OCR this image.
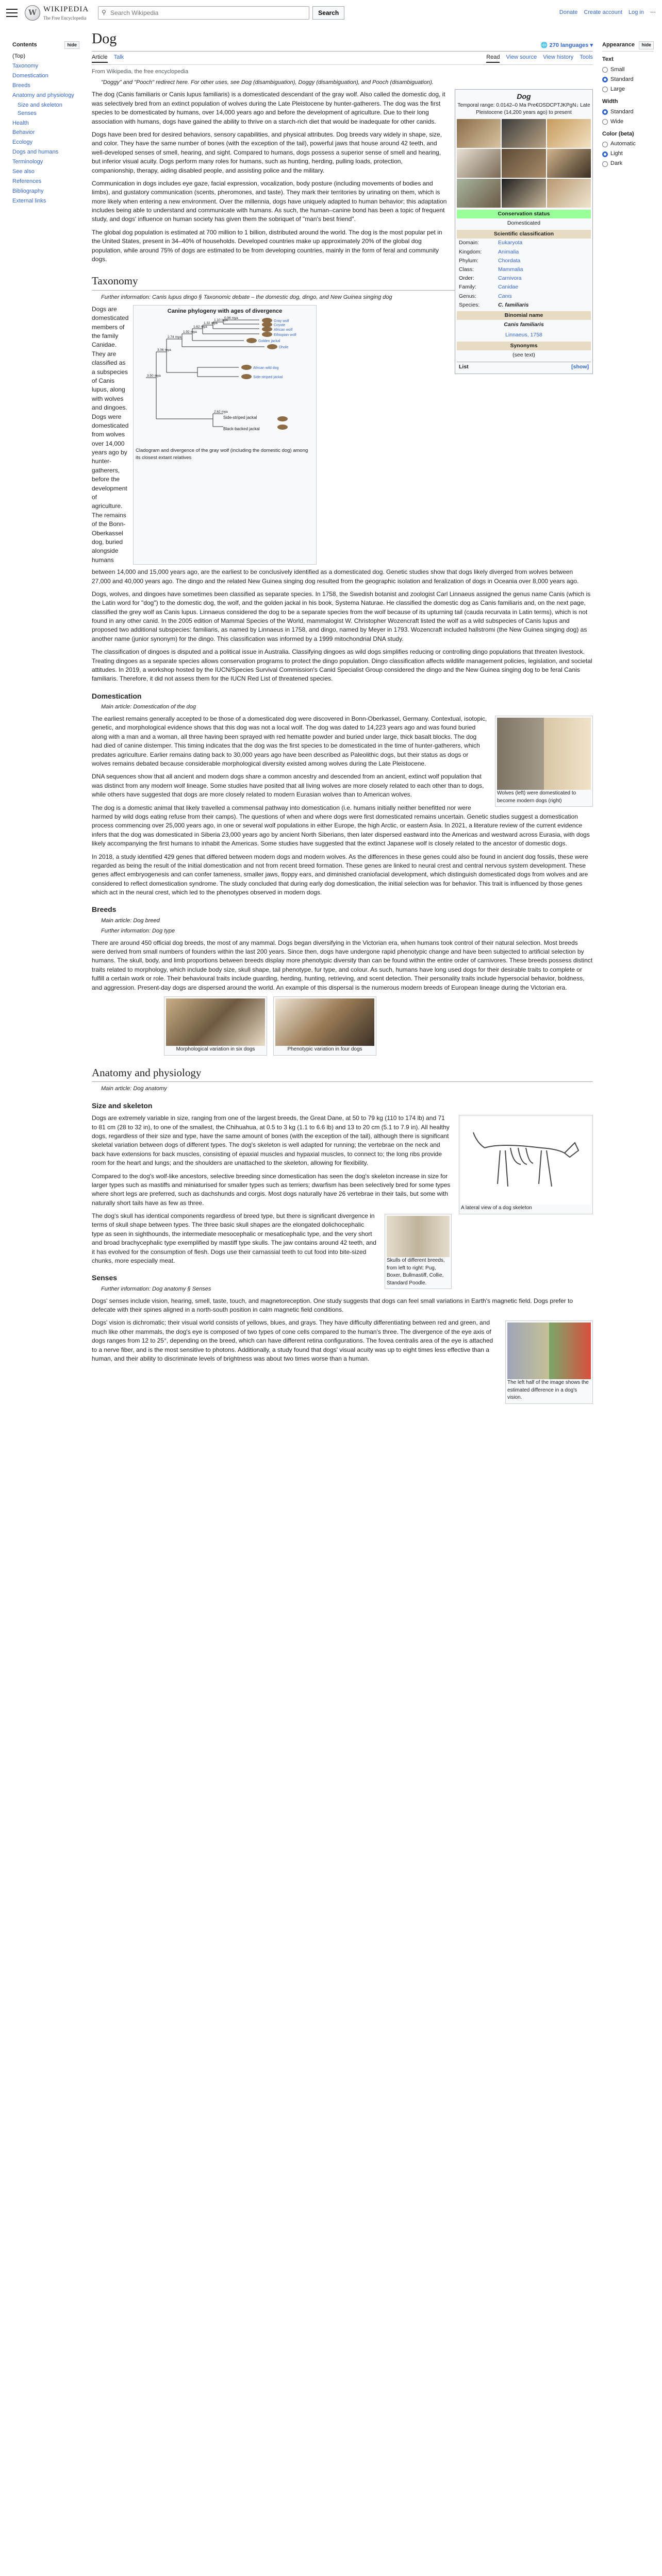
W WIKIPEDIA
The Free Encyclopedia
⚲
Search Wikipedia	Search	Donate Create account Log in ⋯
Contents	hide
(Top)
Taxonomy
Domestication
Breeds
Anatomy and physiology
Size and skeleton
Senses
Health
Behavior
Ecology
Dogs and humans
Terminology
See also
References
Bibliography
External links
Appearance	hide
Text
Small
Standard
Large
Width
Standard
Wide
Color (beta)
Automatic
Light
Dark
Dog	🌐 270 languages ▾
Article Talk	Read View source View history Tools
From Wikipedia, the free encyclopedia
"Doggy" and "Pooch" redirect here. For other uses, see Dog (disambiguation), Doggy (disambiguation), and Pooch (disambiguation).
Dog
Temporal range: 0.0142–0 Ma Pre€OSDCPTJKPgN↓ Late Pleistocene (14,200 years ago) to present
Conservation status
Domesticated
Scientific classification
Domain:	Eukaryota
Kingdom:	Animalia
Phylum:	Chordata
Class:	Mammalia
Order:	Carnivora
Family:	Canidae
Genus:	Canis
Species:	C. familiaris
Binomial name
Canis familiaris
Linnaeus, 1758
Synonyms
(see text)
List	[show]

The dog (Canis familiaris or Canis lupus familiaris) is a domesticated descendant of the gray wolf. Also called the domestic dog, it was selectively bred from an extinct population of wolves during the Late Pleistocene by hunter-gatherers. The dog was the first species to be domesticated by humans, over 14,000 years ago and before the development of agriculture. Due to their long association with humans, dogs have gained the ability to thrive on a starch-rich diet that would be inadequate for other canids.

Dogs have been bred for desired behaviors, sensory capabilities, and physical attributes. Dog breeds vary widely in shape, size, and color. They have the same number of bones (with the exception of the tail), powerful jaws that house around 42 teeth, and well-developed senses of smell, hearing, and sight. Compared to humans, dogs possess a superior sense of smell and hearing, but inferior visual acuity. Dogs perform many roles for humans, such as hunting, herding, pulling loads, protection, companionship, therapy, aiding disabled people, and assisting police and the military.

Communication in dogs includes eye gaze, facial expression, vocalization, body posture (including movements of bodies and limbs), and gustatory communication (scents, pheromones, and taste). They mark their territories by urinating on them, which is more likely when entering a new environment. Over the millennia, dogs have uniquely adapted to human behavior; this adaptation includes being able to understand and communicate with humans. As such, the human–canine bond has been a topic of frequent study, and dogs' influence on human society has given them the sobriquet of "man's best friend".

The global dog population is estimated at 700 million to 1 billion, distributed around the world. The dog is the most popular pet in the United States, present in 34–40% of households. Developed countries make up approximately 20% of the global dog population, while around 75% of dogs are estimated to be from developing countries, mainly in the form of feral and community dogs.

Taxonomy
Further information: Canis lupus dingo § Taxonomic debate – the domestic dog, dingo, and New Guinea singing dog
Dogs are domesticated members of the family Canidae. They are classified as a subspecies of Canis lupus, along with wolves and dingoes. Dogs were domesticated from wolves over 14,000 years ago by hunter-gatherers, before the development of agriculture. The remains of the Bonn-Oberkassel dog, buried alongside humans
Canine phylogeny with ages of divergence
Side-striped jackal
Black-backed jackal
Gray wolf
Coyote
African wolf
Ethiopian wolf
Golden jackal
Dhole
African wild dog
Side-striped jackal
0.96 mya
1.10 mya
1.32 mya
1.62 mya
1.92 mya
2.74 mya
3.06 mya
3.50 mya
2.62 mya
Cladogram and divergence of the gray wolf (including the domestic dog) among its closest extant relatives

between 14,000 and 15,000 years ago, are the earliest to be conclusively identified as a domesticated dog. Genetic studies show that dogs likely diverged from wolves between 27,000 and 40,000 years ago. The dingo and the related New Guinea singing dog resulted from the geographic isolation and feralization of dogs in Oceania over 8,000 years ago.

Dogs, wolves, and dingoes have sometimes been classified as separate species. In 1758, the Swedish botanist and zoologist Carl Linnaeus assigned the genus name Canis (which is the Latin word for "dog") to the domestic dog, the wolf, and the golden jackal in his book, Systema Naturae. He classified the domestic dog as Canis familiaris and, on the next page, classified the grey wolf as Canis lupus. Linnaeus considered the dog to be a separate species from the wolf because of its upturning tail (cauda recurvata in Latin terms), which is not found in any other canid. In the 2005 edition of Mammal Species of the World, mammalogist W. Christopher Wozencraft listed the wolf as a wild subspecies of Canis lupus and proposed two additional subspecies: familiaris, as named by Linnaeus in 1758, and dingo, named by Meyer in 1793. Wozencraft included hallstromi (the New Guinea singing dog) as another name (junior synonym) for the dingo. This classification was informed by a 1999 mitochondrial DNA study.

The classification of dingoes is disputed and a political issue in Australia. Classifying dingoes as wild dogs simplifies reducing or controlling dingo populations that threaten livestock. Treating dingoes as a separate species allows conservation programs to protect the dingo population. Dingo classification affects wildlife management policies, legislation, and societal attitudes. In 2019, a workshop hosted by the IUCN/Species Survival Commission's Canid Specialist Group considered the dingo and the New Guinea singing dog to be feral Canis familiaris. Therefore, it did not assess them for the IUCN Red List of threatened species.

Domestication
Main article: Domestication of the dog
Wolves (left) were domesticated to become modern dogs (right)

The earliest remains generally accepted to be those of a domesticated dog were discovered in Bonn-Oberkassel, Germany. Contextual, isotopic, genetic, and morphological evidence shows that this dog was not a local wolf. The dog was dated to 14,223 years ago and was found buried along with a man and a woman, all three having been sprayed with red hematite powder and buried under large, thick basalt blocks. The dog had died of canine distemper. This timing indicates that the dog was the first species to be domesticated in the time of hunter-gatherers, which predates agriculture. Earlier remains dating back to 30,000 years ago have been described as Paleolithic dogs, but their status as dogs or wolves remains debated because considerable morphological diversity existed among wolves during the Late Pleistocene.

DNA sequences show that all ancient and modern dogs share a common ancestry and descended from an ancient, extinct wolf population that was distinct from any modern wolf lineage. Some studies have posited that all living wolves are more closely related to each other than to dogs, while others have suggested that dogs are more closely related to modern Eurasian wolves than to American wolves.

The dog is a domestic animal that likely travelled a commensal pathway into domestication (i.e. humans initially neither benefitted nor were harmed by wild dogs eating refuse from their camps). The questions of when and where dogs were first domesticated remains uncertain. Genetic studies suggest a domestication process commencing over 25,000 years ago, in one or several wolf populations in either Europe, the high Arctic, or eastern Asia. In 2021, a literature review of the current evidence infers that the dog was domesticated in Siberia 23,000 years ago by ancient North Siberians, then later dispersed eastward into the Americas and westward across Eurasia, with dogs likely accompanying the first humans to inhabit the Americas. Some studies have suggested that the extinct Japanese wolf is closely related to the ancestor of domestic dogs.

In 2018, a study identified 429 genes that differed between modern dogs and modern wolves. As the differences in these genes could also be found in ancient dog fossils, these were regarded as being the result of the initial domestication and not from recent breed formation. These genes are linked to neural crest and central nervous system development. These genes affect embryogenesis and can confer tameness, smaller jaws, floppy ears, and diminished craniofacial development, which distinguish domesticated dogs from wolves and are considered to reflect domestication syndrome. The study concluded that during early dog domestication, the initial selection was for behavior. This trait is influenced by those genes which act in the neural crest, which led to the phenotypes observed in modern dogs.

Breeds
Main article: Dog breed
Further information: Dog type

There are around 450 official dog breeds, the most of any mammal. Dogs began diversifying in the Victorian era, when humans took control of their natural selection. Most breeds were derived from small numbers of founders within the last 200 years. Since then, dogs have undergone rapid phenotypic change and have been subjected to artificial selection by humans. The skull, body, and limb proportions between breeds display more phenotypic diversity than can be found within the entire order of carnivores. These breeds possess distinct traits related to morphology, which include body size, skull shape, tail phenotype, fur type, and colour. As such, humans have long used dogs for their desirable traits to complete or fulfill a certain work or role. Their behavioural traits include guarding, herding, hunting, retrieving, and scent detection. Their personality traits include hypersocial behavior, boldness, and aggression. Present-day dogs are dispersed around the world. An example of this dispersal is the numerous modern breeds of European lineage during the Victorian era.

Morphological variation in six dogs	Phenotypic variation in four dogs
Anatomy and physiology
Main article: Dog anatomy
Size and skeleton
A lateral view of a dog skeleton

Dogs are extremely variable in size, ranging from one of the largest breeds, the Great Dane, at 50 to 79 kg (110 to 174 lb) and 71 to 81 cm (28 to 32 in), to one of the smallest, the Chihuahua, at 0.5 to 3 kg (1.1 to 6.6 lb) and 13 to 20 cm (5.1 to 7.9 in). All healthy dogs, regardless of their size and type, have the same amount of bones (with the exception of the tail), although there is significant skeletal variation between dogs of different types. The dog's skeleton is well adapted for running; the vertebrae on the neck and back have extensions for back muscles, consisting of epaxial muscles and hypaxial muscles, to connect to; the long ribs provide room for the heart and lungs; and the shoulders are unattached to the skeleton, allowing for flexibility.

Compared to the dog's wolf-like ancestors, selective breeding since domestication has seen the dog's skeleton increase in size for larger types such as mastiffs and miniaturised for smaller types such as terriers; dwarfism has been selectively bred for some types where short legs are preferred, such as dachshunds and corgis. Most dogs naturally have 26 vertebrae in their tails, but some with naturally short tails have as few as three.

Skulls of different breeds, from left to right: Pug, Boxer, Bullmastiff, Collie, Standard Poodle.

The dog's skull has identical components regardless of breed type, but there is significant divergence in terms of skull shape between types. The three basic skull shapes are the elongated dolichocephalic type as seen in sighthounds, the intermediate mesocephalic or mesaticephalic type, and the very short and broad brachycephalic type exemplified by mastiff type skulls. The jaw contains around 42 teeth, and it has evolved for the consumption of flesh. Dogs use their carnassial teeth to cut food into bite-sized chunks, more especially meat.

Senses
Further information: Dog anatomy § Senses

Dogs' senses include vision, hearing, smell, taste, touch, and magnetoreception. One study suggests that dogs can feel small variations in Earth's magnetic field. Dogs prefer to defecate with their spines aligned in a north-south position in calm magnetic field conditions.

The left half of the image shows the estimated difference in a dog's vision.

Dogs' vision is dichromatic; their visual world consists of yellows, blues, and grays. They have difficulty differentiating between red and green, and much like other mammals, the dog's eye is composed of two types of cone cells compared to the human's three. The divergence of the eye axis of dogs ranges from 12 to 25°, depending on the breed, which can have different retina configurations. The fovea centralis area of the eye is attached to a nerve fiber, and is the most sensitive to photons. Additionally, a study found that dogs' visual acuity was up to eight times less effective than a human, and their ability to discriminate levels of brightness was about two times worse than a human.
